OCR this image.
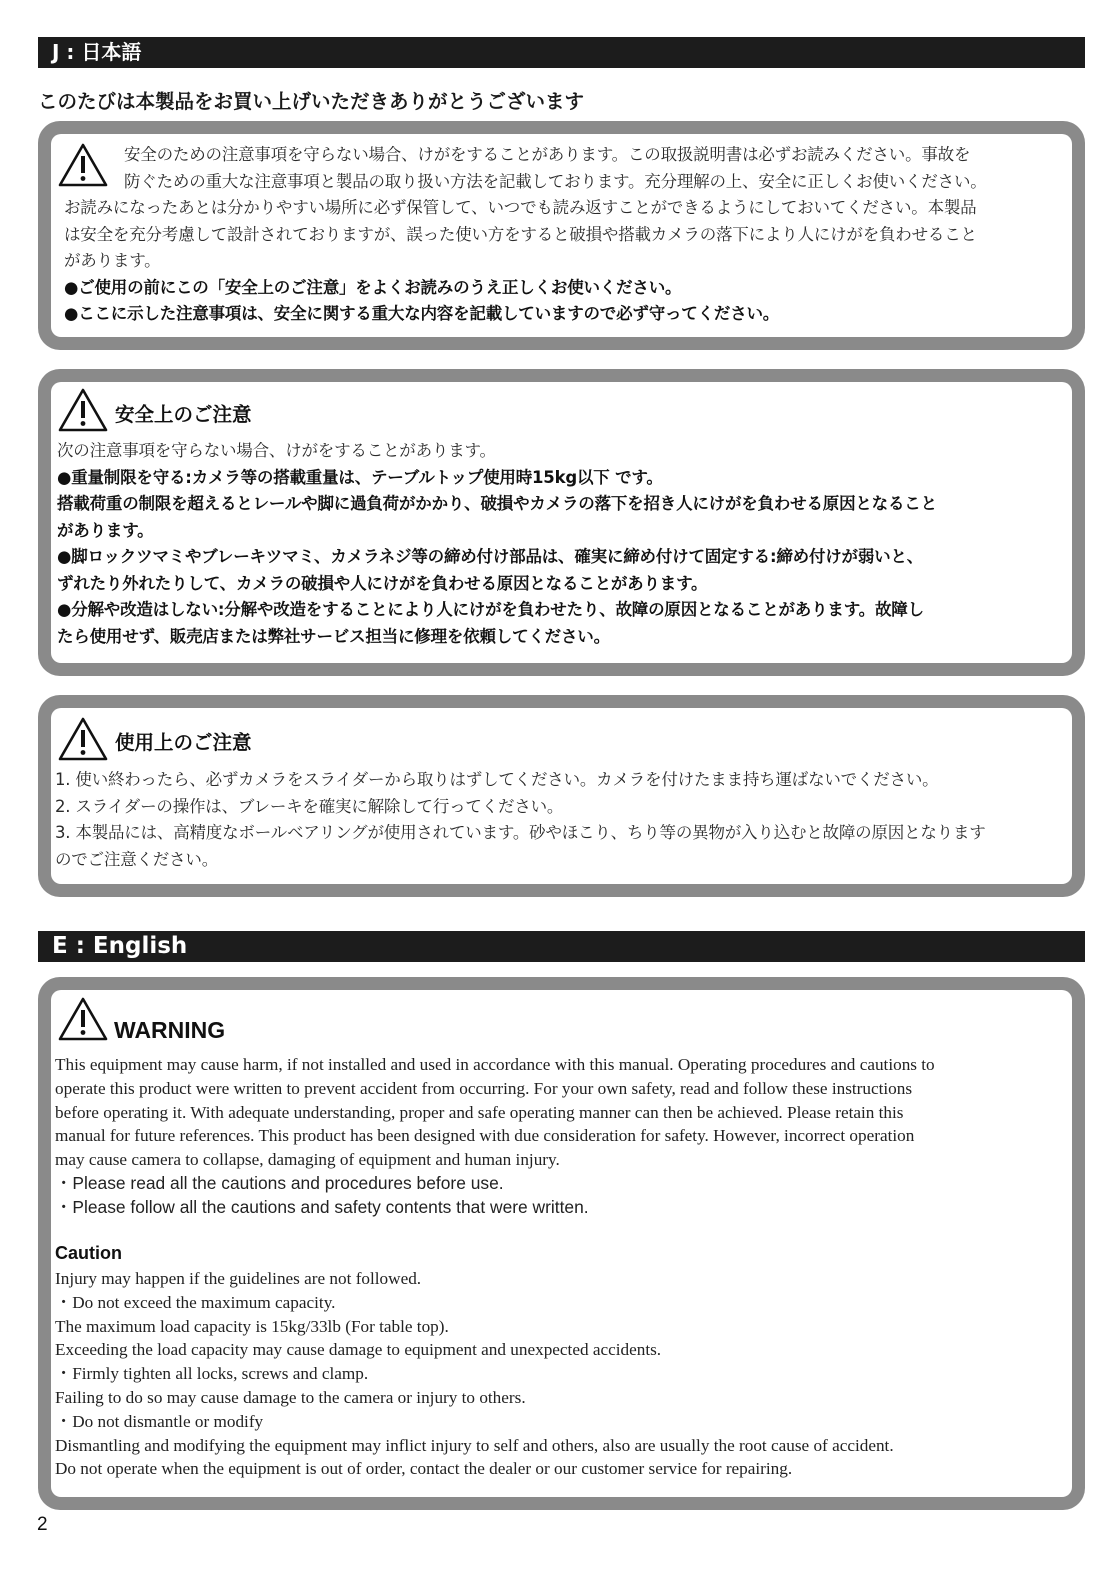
J : 日本語
このたびは本製品をお買い上げいただきありがとうございます
安全のための注意事項を守らない場合、けがをすることがあります。この取扱説明書は必ずお読みください。事故を
防ぐための重大な注意事項と製品の取り扱い方法を記載しております。充分理解の上、安全に正しくお使いください。
お読みになったあとは分かりやすい場所に必ず保管して、いつでも読み返すことができるようにしておいてください。本製品
は安全を充分考慮して設計されておりますが、誤った使い方をすると破損や搭載カメラの落下により人にけがを負わせること
があります。
●ご使用の前にこの「安全上のご注意」をよくお読みのうえ正しくお使いください。
●ここに示した注意事項は、安全に関する重大な内容を記載していますので必ず守ってください。
安全上のご注意
次の注意事項を守らない場合、けがをすることがあります。
●重量制限を守る:カメラ等の搭載重量は、テーブルトップ使用時15kg以下 です。
搭載荷重の制限を超えるとレールや脚に過負荷がかかり、破損やカメラの落下を招き人にけがを負わせる原因となること
があります。
●脚ロックツマミやブレーキツマミ、カメラネジ等の締め付け部品は、確実に締め付けて固定する:締め付けが弱いと、
ずれたり外れたりして、カメラの破損や人にけがを負わせる原因となることがあります。
●分解や改造はしない:分解や改造をすることにより人にけがを負わせたり、故障の原因となることがあります。故障し
たら使用せず、販売店または弊社サービス担当に修理を依頼してください。
使用上のご注意
1. 使い終わったら、必ずカメラをスライダーから取りはずしてください。カメラを付けたまま持ち運ばないでください。
2. スライダーの操作は、ブレーキを確実に解除して行ってください。
3. 本製品には、高精度なボールベアリングが使用されています。砂やほこり、ちり等の異物が入り込むと故障の原因となります
のでご注意ください。
E : English
WARNING
This equipment may cause harm, if not installed and used in accordance with this manual. Operating procedures and cautions to
operate this product were written to prevent accident from occurring. For your own safety, read and follow these instructions
before operating it. With adequate understanding, proper and safe operating manner can then be achieved. Please retain this
manual for future references. This product has been designed with due consideration for safety. However, incorrect operation
may cause camera to collapse, damaging of equipment and human injury.
・Please read all the cautions and procedures before use.
・Please follow all the cautions and safety contents that were written.
Caution
Injury may happen if the guidelines are not followed.
・Do not exceed the maximum capacity.
The maximum load capacity is 15kg/33lb (For table top).
Exceeding the load capacity may cause damage to equipment and unexpected accidents.
・Firmly tighten all locks, screws and clamp.
Failing to do so may cause damage to the camera or injury to others.
・Do not dismantle or modify
Dismantling and modifying the equipment may inflict injury to self and others, also are usually the root cause of accident.
Do not operate when the equipment is out of order, contact the dealer or our customer service for repairing.
2
